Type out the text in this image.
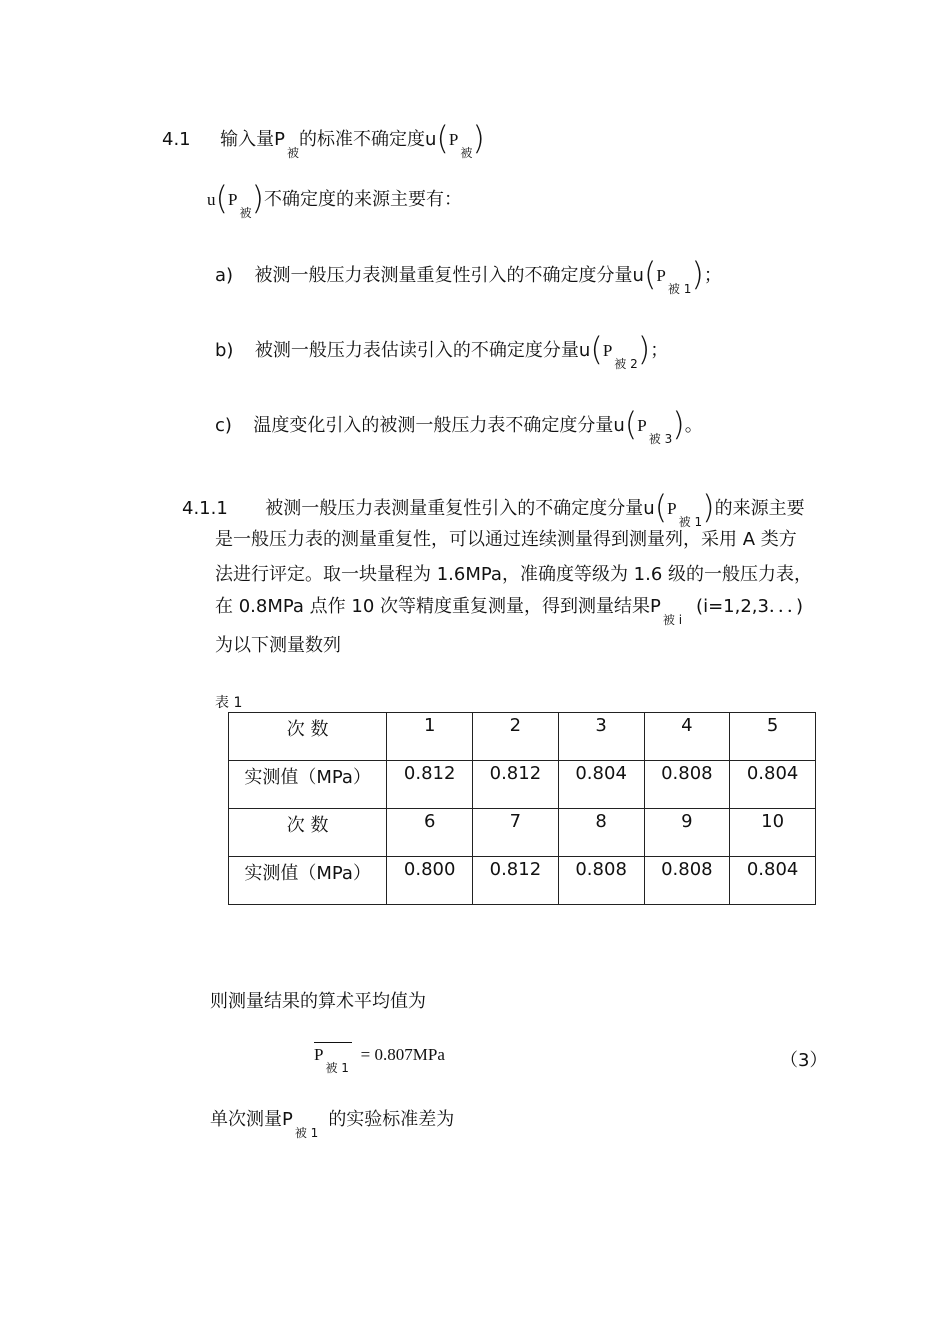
4.1 输入量$P_被$的标准不确定度$u(P_被)$
$u(P_被)$不确定度的来源主要有：
a) 被测一般压力表测量重复性引入的不确定度分量$u(P_{被 1})$；
b) 被测一般压力表估读引入的不确定度分量$u(P_{被 2})$；
c) 温度变化引入的被测一般压力表不确定度分量$u(P_{被 3})$。
4.1.1 被测一般压力表测量重复性引入的不确定度分量$u(P_{被 1})$的来源主要
是一般压力表的测量重复性，可以通过连续测量得到测量列，采用 A 类方
法进行评定。取一块量程为 1.6MPa，准确度等级为 1.6 级的一般压力表，
在 0.8MPa 点作 10 次等精度重复测量，得到测量结果$P_{被 i}(i=1,2,3$．．．)
为以下测量数列
表 1
次 数	1	2	3	4	5
实测值（MPa）	0.812	0.812	0.804	0.808	0.804
次 数	6	7	8	9	10
实测值（MPa）	0.800	0.812	0.808	0.808	0.804
则测量结果的算术平均值为
$P_{被 1} = 0.807MPa$	（3）
单次测量$P_{被 1}$的实验标准差为
